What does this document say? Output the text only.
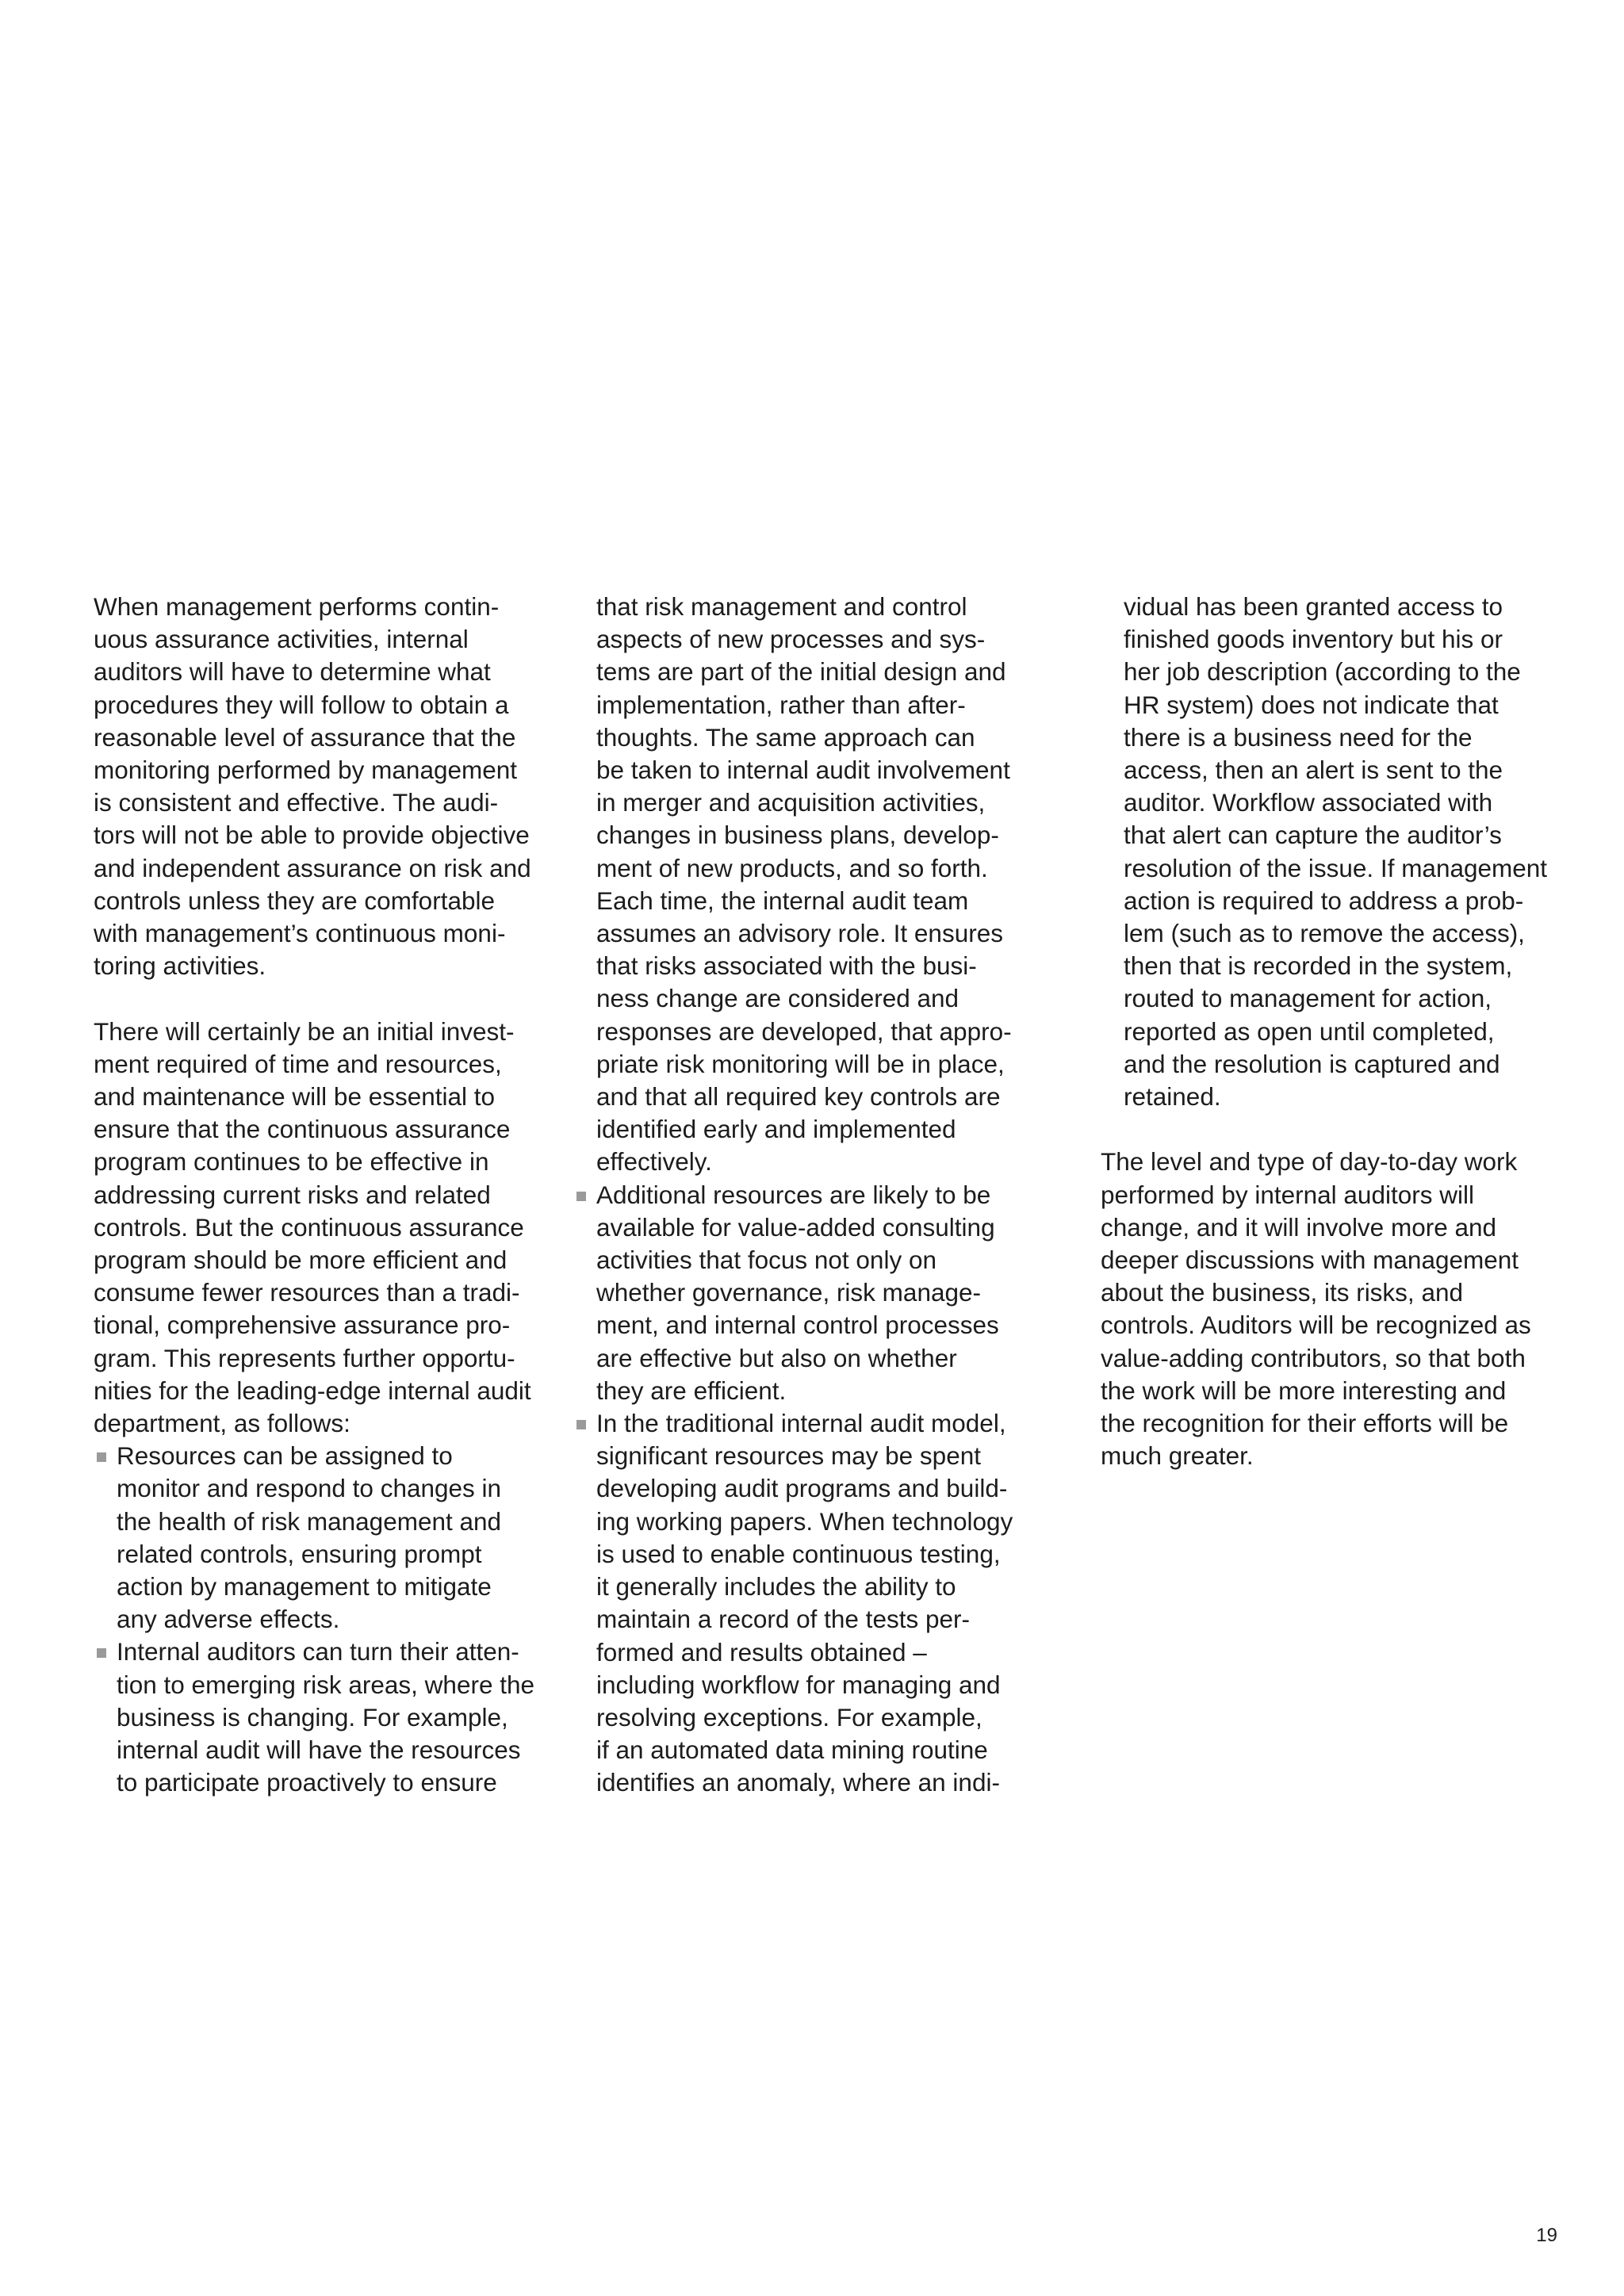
When management performs contin-
uous assurance activities, internal
auditors will have to determine what
procedures they will follow to obtain a
reasonable level of assurance that the
monitoring performed by management
is consistent and effective. The audi-
tors will not be able to provide objective
and independent assurance on risk and
controls unless they are comfortable
with management’s continuous moni-
toring activities.
There will certainly be an initial invest-
ment required of time and resources,
and maintenance will be essential to
ensure that the continuous assurance
program continues to be effective in
addressing current risks and related
controls. But the continuous assurance
program should be more efficient and
consume fewer resources than a tradi-
tional, comprehensive assurance pro-
gram. This represents further opportu-
nities for the leading-edge internal audit
department, as follows:
Resources can be assigned to
monitor and respond to changes in
the health of risk management and
related controls, ensuring prompt
action by management to mitigate
any adverse effects.
Internal auditors can turn their atten-
tion to emerging risk areas, where the
business is changing. For example,
internal audit will have the resources
to participate proactively to ensure
that risk management and control
aspects of new processes and sys-
tems are part of the initial design and
implementation, rather than after-
thoughts. The same approach can
be taken to internal audit involvement
in merger and acquisition activities,
changes in business plans, develop-
ment of new products, and so forth.
Each time, the internal audit team
assumes an advisory role. It ensures
that risks associated with the busi-
ness change are considered and
responses are developed, that appro-
priate risk monitoring will be in place,
and that all required key controls are
identified early and implemented
effectively.
Additional resources are likely to be
available for value-added consulting
activities that focus not only on
whether governance, risk manage-
ment, and internal control processes
are effective but also on whether
they are efficient.
In the traditional internal audit model,
significant resources may be spent
developing audit programs and build-
ing working papers. When technology
is used to enable continuous testing,
it generally includes the ability to
maintain a record of the tests per-
formed and results obtained –
including workflow for managing and
resolving exceptions. For example,
if an automated data mining routine
identifies an anomaly, where an indi-
vidual has been granted access to
finished goods inventory but his or
her job description (according to the
HR system) does not indicate that
there is a business need for the
access, then an alert is sent to the
auditor. Workflow associated with
that alert can capture the auditor’s
resolution of the issue. If management
action is required to address a prob-
lem (such as to remove the access),
then that is recorded in the system,
routed to management for action,
reported as open until completed,
and the resolution is captured and
retained.
The level and type of day-to-day work
performed by internal auditors will
change, and it will involve more and
deeper discussions with management
about the business, its risks, and
controls. Auditors will be recognized as
value-adding contributors, so that both
the work will be more interesting and
the recognition for their efforts will be
much greater.
19
